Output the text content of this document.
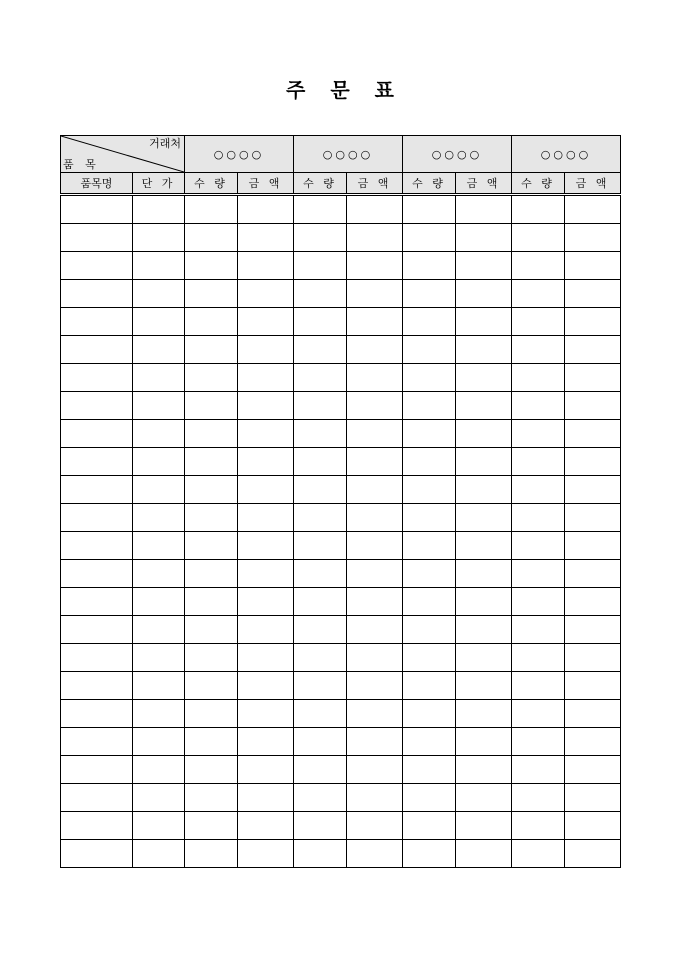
주 문 표
거래처
품 목		○○○○		○○○○		○○○○		○○○○	
품목명	단 가	수 량	금 액	수 량	금 액	수 량	금 액	수 량	금 액
